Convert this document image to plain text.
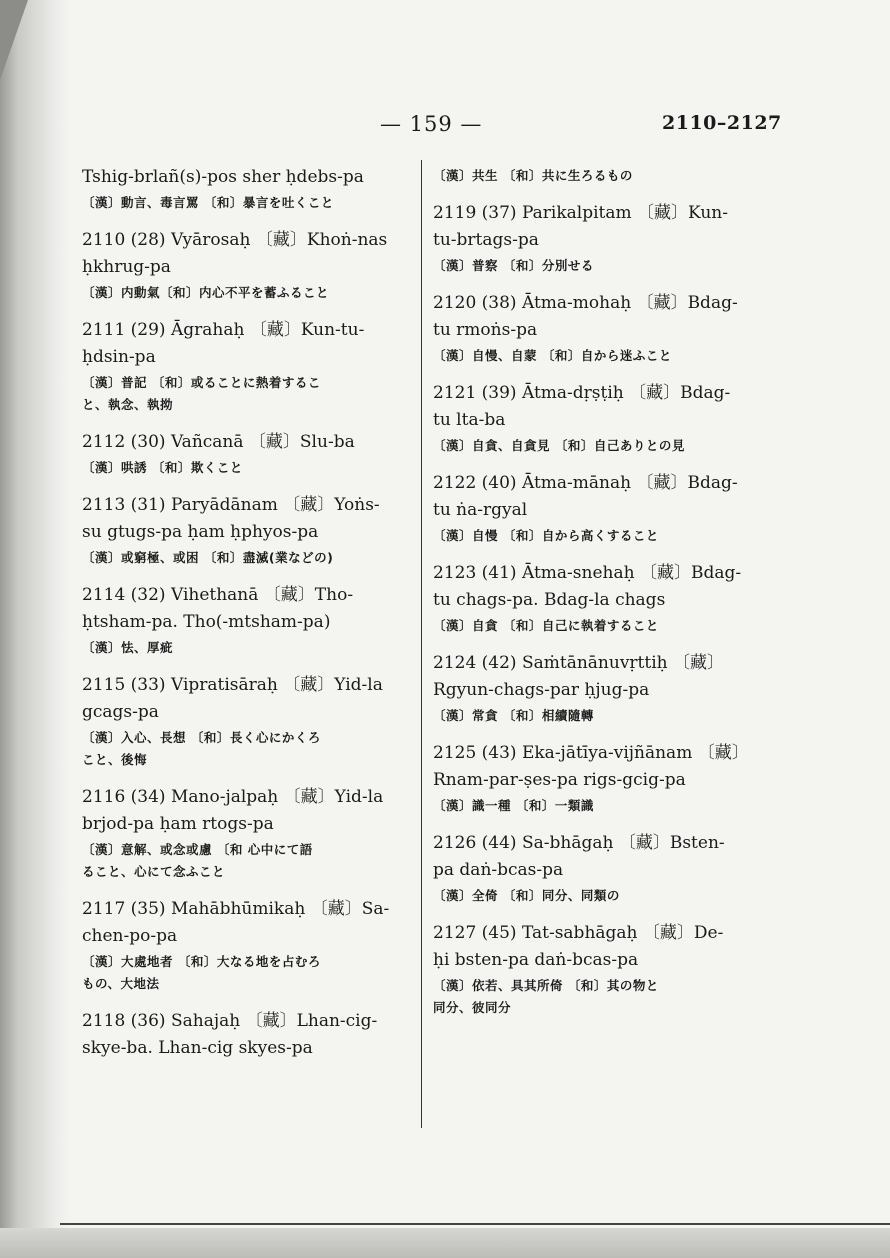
— 159 —	2110–2127
Tshig-brlañ(s)-pos sher ḥdebs-pa
〔漢〕動言、毒言罵 〔和〕暴言を吐くこと
2110 (28) Vyārosaḥ 〔藏〕Khoṅ-nas
ḥkhrug-pa
〔漢〕内動氣〔和〕内心不平を蓄ふること
2111 (29) Āgrahaḥ 〔藏〕Kun-tu-
ḥdsin-pa
〔漢〕普記 〔和〕或ることに熱着するこ
と、執念、執拗
2112 (30) Vañcanā 〔藏〕Slu-ba
〔漢〕哄誘 〔和〕欺くこと
2113 (31) Paryādānam 〔藏〕Yoṅs-
su gtugs-pa ḥam ḥphyos-pa
〔漢〕或窮極、或困 〔和〕盡滅(業などの)
2114 (32) Vihethanā 〔藏〕Tho-
ḥtsham-pa. Tho(-mtsham-pa)
〔漢〕怯、厚疵
2115 (33) Vipratisāraḥ 〔藏〕Yid-la
gcags-pa
〔漢〕入心、長想 〔和〕長く心にかくろ
こと、後悔
2116 (34) Mano-jalpaḥ 〔藏〕Yid-la
brjod-pa ḥam rtogs-pa
〔漢〕意解、或念或慮 〔和 心中にて語
ること、心にて念ふこと
2117 (35) Mahābhūmikaḥ 〔藏〕Sa-
chen-po-pa
〔漢〕大處地者 〔和〕大なる地を占むろ
もの、大地法
2118 (36) Sahajaḥ 〔藏〕Lhan-cig-
skye-ba. Lhan-cig skyes-pa
〔漢〕共生 〔和〕共に生ろるもの
2119 (37) Parikalpitam 〔藏〕Kun-
tu-brtags-pa
〔漢〕普察 〔和〕分別せる
2120 (38) Ātma-mohaḥ 〔藏〕Bdag-
tu rmoṅs-pa
〔漢〕自慢、自蒙 〔和〕自から迷ふこと
2121 (39) Ātma-dṛṣṭiḥ 〔藏〕Bdag-
tu lta-ba
〔漢〕自貪、自貪見 〔和〕自己ありとの見
2122 (40) Ātma-mānaḥ 〔藏〕Bdag-
tu ṅa-rgyal
〔漢〕自慢 〔和〕自から高くすること
2123 (41) Ātma-snehaḥ 〔藏〕Bdag-
tu chags-pa. Bdag-la chags
〔漢〕自貪 〔和〕自己に執着すること
2124 (42) Saṁtānānuvṛttiḥ 〔藏〕
Rgyun-chags-par ḥjug-pa
〔漢〕常貪 〔和〕相續隨轉
2125 (43) Eka-jātīya-vijñānam 〔藏〕
Rnam-par-ṣes-pa rigs-gcig-pa
〔漢〕識一種 〔和〕一類識
2126 (44) Sa-bhāgaḥ 〔藏〕Bsten-
pa daṅ-bcas-pa
〔漢〕全倚 〔和〕同分、同類の
2127 (45) Tat-sabhāgaḥ 〔藏〕De-
ḥi bsten-pa daṅ-bcas-pa
〔漢〕依若、具其所倚 〔和〕其の物と
同分、彼同分
